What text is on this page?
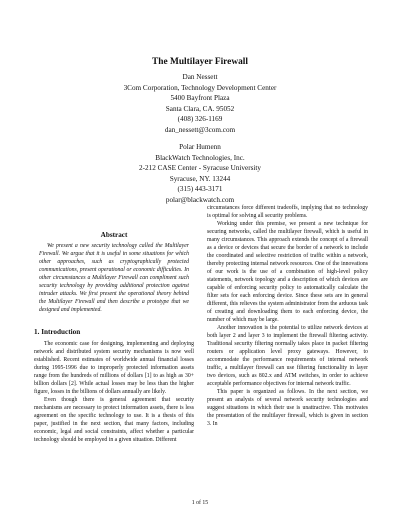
The Multilayer Firewall
Dan Nessett
3Com Corporation, Technology Development Center
5400 Bayfront Plaza
Santa Clara, CA. 95052
(408) 326-1169
dan_nessett@3com.com
Polar Humenn
BlackWatch Technologies, Inc.
2-212 CASE Center - Syracuse University
Syracuse, NY. 13244
(315) 443-3171
polar@blackwatch.com
Abstract

We present a new security technology called the Multilayer Firewall. We argue that it is useful in some situations for which other approaches, such as cryptographically protected communications, present operational or economic difficulties. In other circumstances a Multilayer Firewall can compliment such security technology by providing additional protection against intruder attacks. We first present the operational theory behind the Multilayer Firewall and then describe a prototype that we designed and implemented.

1. Introduction

The economic case for designing, implementing and deploying network and distributed system security mechanisms is now well established. Recent estimates of worldwide annual financial losses during 1995-1996 due to improperly protected information assets range from the hundreds of millions of dollars [1] to as high as 30+ billion dollars [2]. While actual losses may be less than the higher figure, losses in the billions of dollars annually are likely.

Even though there is general agreement that security mechanisms are necessary to protect information assets, there is less agreement on the specific technology to use. It is a thesis of this paper, justified in the next section, that many factors, including economic, legal and social constraints, affect whether a particular technology should be employed in a given situation. Different

circumstances force different tradeoffs, implying that no technology is optimal for solving all security problems.

Working under this premise, we present a new technique for securing networks, called the multilayer firewall, which is useful in many circumstances. This approach extends the concept of a firewall as a device or devices that secure the border of a network to include the coordinated and selective restriction of traffic within a network, thereby protecting internal network resources. One of the innovations of our work is the use of a combination of high-level policy statements, network topology and a description of which devices are capable of enforcing security policy to automatically calculate the filter sets for each enforcing device. Since these sets are in general different, this relieves the system administrator from the arduous task of creating and downloading them to each enforcing device, the number of which may be large.

Another innovation is the potential to utilize network devices at both layer 2 and layer 3 to implement the firewall filtering activity. Traditional security filtering normally takes place in packet filtering routers or application level proxy gateways. However, to accommodate the performance requirements of internal network traffic, a multilayer firewall can use filtering functionality in layer two devices, such as 802.x and ATM switches, in order to achieve acceptable performance objectives for internal network traffic.

This paper is organized as follows. In the next section, we present an analysis of several network security technologies and suggest situations in which their use is unattractive. This motivates the presentation of the multilayer firewall, which is given in section 3. In

1 of 15
